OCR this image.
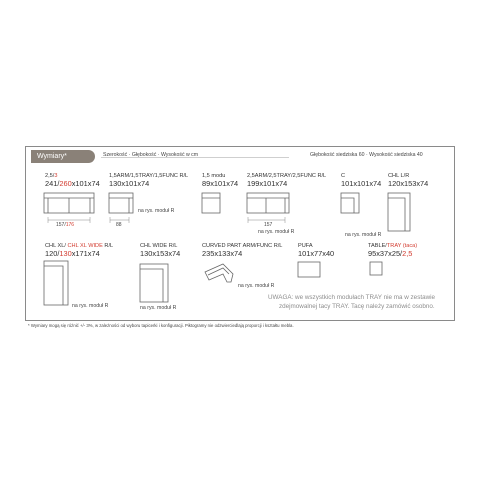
Wymiary*	Szerokość · Głębokość · Wysokość w cm	Głębokość siedziska 60 · Wysokość siedziska 40
2,5/3
241/260x101x74
157/176
1,5ARM/1,5TRAY/1,5FUNC R/L
130x101x74
88
na rys. moduł R
1,5 modu
89x101x74
2,5ARM/2,5TRAY/2,5FUNC R/L
199x101x74
157
na rys. moduł R
C
101x101x74
CHL L/R
120x153x74
na rys. moduł R
CHL XL/ CHL XL WIDE R/L
120/130x171x74
na rys. moduł R
CHL WIDE R/L
130x153x74
na rys. moduł R
CURVED PART ARM/FUNC R/L
235x133x74
na rys. moduł R
PUFA
101x77x40
TABLE/TRAY (taca)
95x37x25/2,5
UWAGA: we wszystkich modułach TRAY nie ma w zestawie
zdejmowalnej tacy TRAY. Tacę należy zamówić osobno.
* Wymiary mogą się różnić +/- 3%, w zależności od wyboru tapicerki i konfiguracji. Piktogramy nie odzwierciedlają proporcji i kształtu mebla.
